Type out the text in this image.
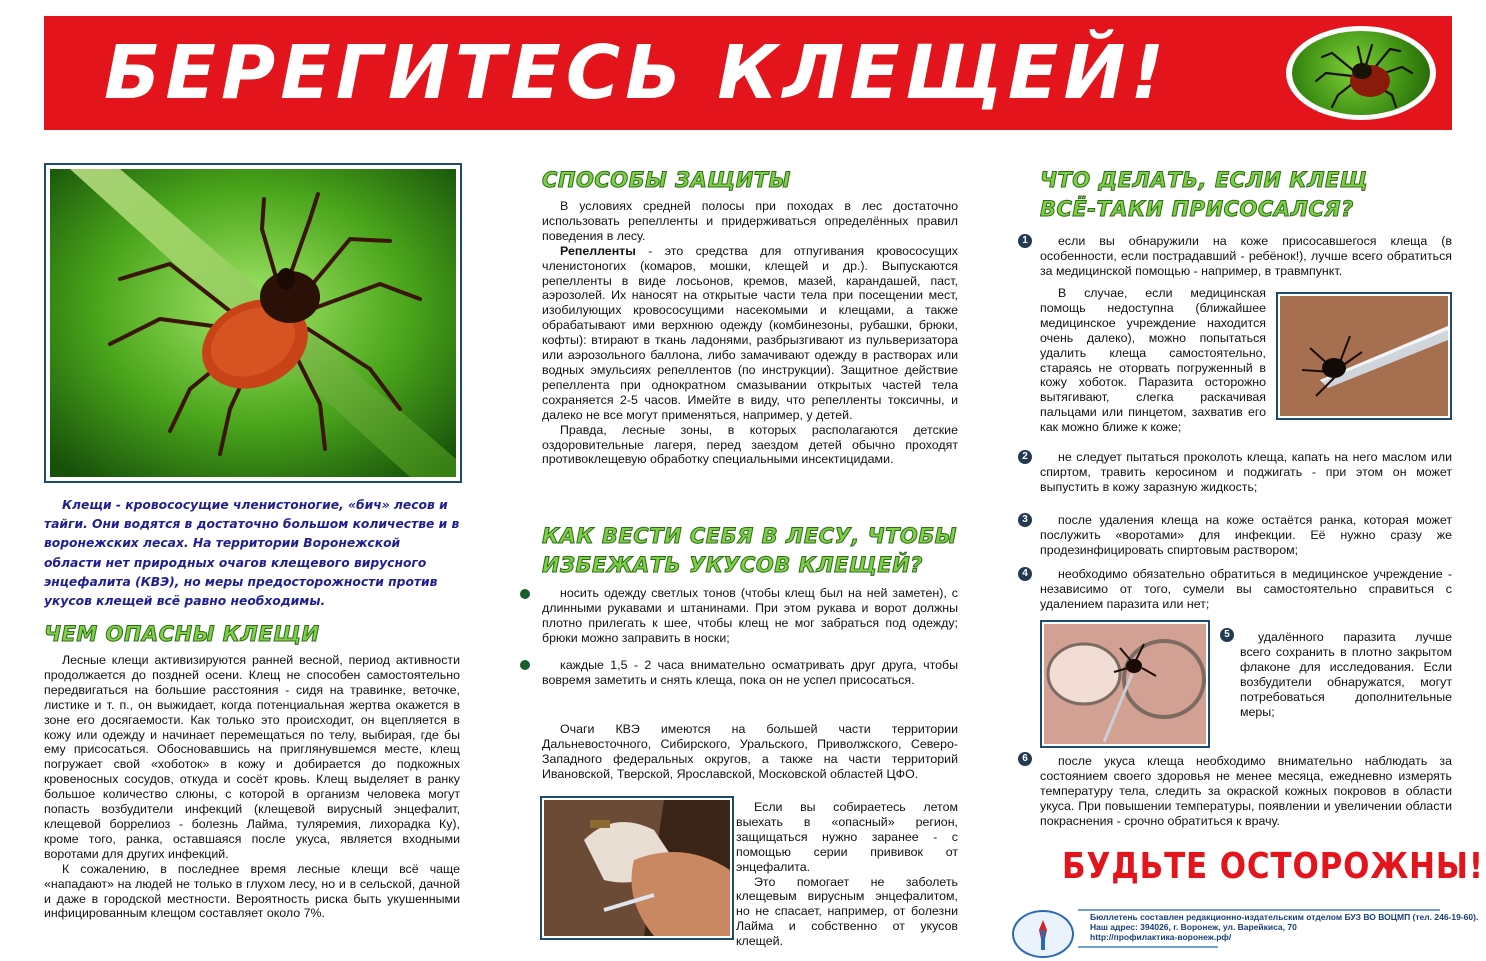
БЕРЕГИТЕСЬ КЛЕЩЕЙ!

Клещи - кровососущие членистоногие, «бич» лесов и тайги. Они водятся в достаточно большом количестве и в воронежских лесах. На территории Воронежской области нет природных очагов клещевого вирусного энцефалита (КВЭ), но меры предосторожности против укусов клещей всё равно необходимы.

ЧЕМ ОПАСНЫ КЛЕЩИ

Лесные клещи активизируются ранней весной, период активности продолжается до поздней осени. Клещ не способен самостоятельно передвигаться на большие расстояния - сидя на травинке, веточке, листике и т. п., он выжидает, когда потенциальная жертва окажется в зоне его досягаемости. Как только это происходит, он вцепляется в кожу или одежду и начинает перемещаться по телу, выбирая, где бы ему присосаться. Обосновавшись на приглянувшемся месте, клещ погружает свой «хоботок» в кожу и добирается до подкожных кровеносных сосудов, откуда и сосёт кровь. Клещ выделяет в ранку большое количество слюны, с которой в организм человека могут попасть возбудители инфекций (клещевой вирусный энцефалит, клещевой боррелиоз - болезнь Лайма, туляремия, лихорадка Ку), кроме того, ранка, оставшаяся после укуса, является входными воротами для других инфекций.

К сожалению, в последнее время лесные клещи всё чаще «нападают» на людей не только в глухом лесу, но и в сельской, дачной и даже в городской местности. Вероятность риска быть укушенными инфицированным клещом составляет около 7%.

СПОСОБЫ ЗАЩИТЫ

В условиях средней полосы при походах в лес достаточно использовать репелленты и придерживаться определённых правил поведения в лесу.

Репелленты - это средства для отпугивания кровососущих членистоногих (комаров, мошки, клещей и др.). Выпускаются репелленты в виде лосьонов, кремов, мазей, карандашей, паст, аэрозолей. Их наносят на открытые части тела при посещении мест, изобилующих кровососущими насекомыми и клещами, а также обрабатывают ими верхнюю одежду (комбинезоны, рубашки, брюки, кофты): втирают в ткань ладонями, разбрызгивают из пульверизатора или аэрозольного баллона, либо замачивают одежду в растворах или водных эмульсиях репеллентов (по инструкции). Защитное действие репеллента при однократном смазывании открытых частей тела сохраняется 2-5 часов. Имейте в виду, что репелленты токсичны, и далеко не все могут применяться, например, у детей.

Правда, лесные зоны, в которых располагаются детские оздоровительные лагеря, перед заездом детей обычно проходят противоклещевую обработку специальными инсектицидами.

КАК ВЕСТИ СЕБЯ В ЛЕСУ, ЧТОБЫ
ИЗБЕЖАТЬ УКУСОВ КЛЕЩЕЙ?

носить одежду светлых тонов (чтобы клещ был на ней заметен), с длинными рукавами и штанинами. При этом рукава и ворот должны плотно прилегать к шее, чтобы клещ не мог забраться под одежду; брюки можно заправить в носки;

каждые 1,5 - 2 часа внимательно осматривать друг друга, чтобы вовремя заметить и снять клеща, пока он не успел присосаться.

Очаги КВЭ имеются на большей части территории Дальневосточного, Сибирского, Уральского, Приволжского, Северо-Западного федеральных округов, а также на части территорий Ивановской, Тверской, Ярославской, Московской областей ЦФО.

Если вы собираетесь летом выехать в «опасный» регион, защищаться нужно заранее - с помощью серии прививок от энцефалита.

Это помогает не заболеть клещевым вирусным энцефалитом, но не спасает, например, от болезни Лайма и собственно от укусов клещей.

ЧТО ДЕЛАТЬ, ЕСЛИ КЛЕЩ
ВСЁ-ТАКИ ПРИСОСАЛСЯ?
1	если вы обнаружили на коже присосавшегося клеща (в особенности, если пострадавший - ребёнок!), лучше всего обратиться за медицинской помощью - например, в травмпункт.

В случае, если медицинская помощь недоступна (ближайшее медицинское учреждение находится очень далеко), можно попытаться удалить клеща самостоятельно, стараясь не оторвать погруженный в кожу хоботок. Паразита осторожно вытягивают, слегка раскачивая пальцами или пинцетом, захватив его как можно ближе к коже;

2	не следует пытаться проколоть клеща, капать на него маслом или спиртом, травить керосином и поджигать - при этом он может выпустить в кожу заразную жидкость;

3	после удаления клеща на коже остаётся ранка, которая может послужить «воротами» для инфекции. Её нужно сразу же продезинфицировать спиртовым раствором;

4	необходимо обязательно обратиться в медицинское учреждение - независимо от того, сумели вы самостоятельно справиться с удалением паразита или нет;

5	удалённого паразита лучше всего сохранить в плотно закрытом флаконе для исследования. Если возбудители обнаружатся, могут потребоваться дополнительные меры;

6	после укуса клеща необходимо внимательно наблюдать за состоянием своего здоровья не менее месяца, ежедневно измерять температуру тела, следить за окраской кожных покровов в области укуса. При повышении температуры, появлении и увеличении области покраснения - срочно обратиться к врачу.

БУДЬТЕ ОСТОРОЖНЫ!
Бюллетень составлен редакционно-издательским отделом БУЗ ВО ВОЦМП (тел. 246-19-60).
Наш адрес: 394026, г. Воронеж, ул. Варейкиса, 70
http://профилактика-воронеж.рф/
